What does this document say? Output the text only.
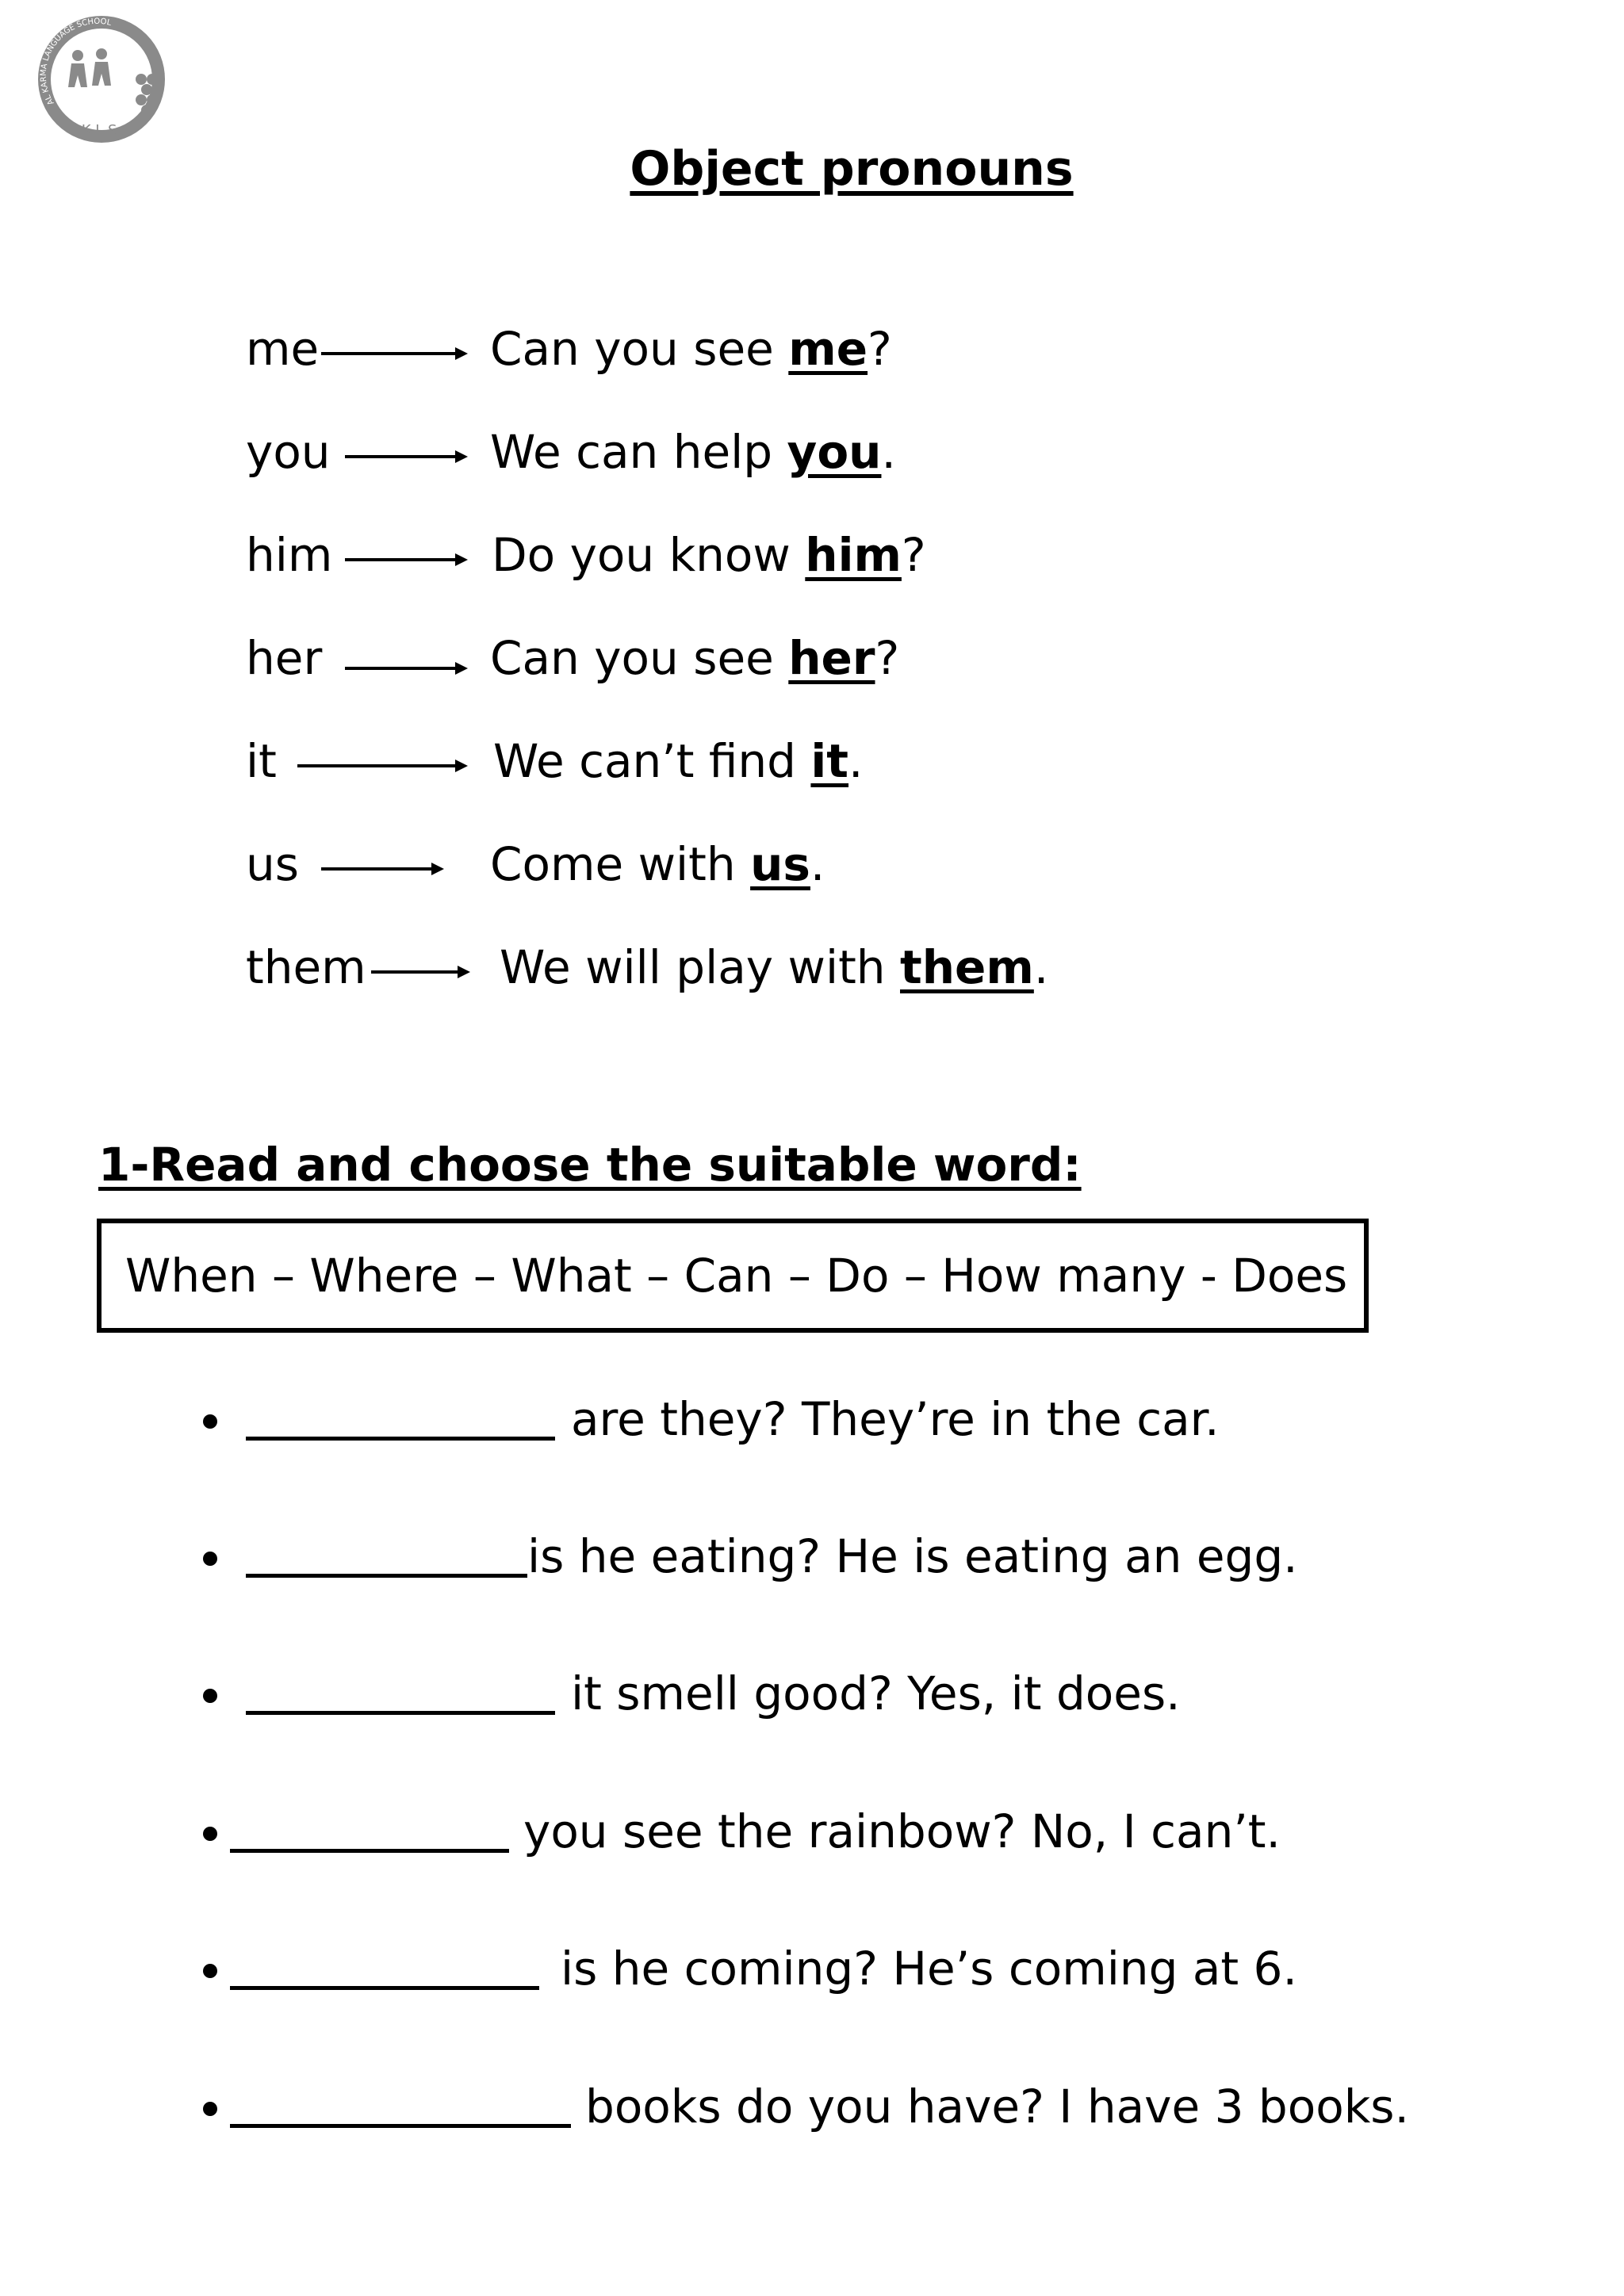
AL KARMA LANGUAGE SCHOOL
K.L.S.
Object pronouns
me	Can you see me?
you	We can help you.
him	Do you know him?
her	Can you see her?
it	We can’t find it.
us	Come with us.
them	We will play with them.
1-Read and choose the suitable word:
When – Where – What – Can – Do – How many - Does
are they? They’re in the car.
is he eating? He is eating an egg.
it smell good? Yes, it does.
you see the rainbow? No, I can’t.
is he coming? He’s coming at 6.
books do you have? I have 3 books.
